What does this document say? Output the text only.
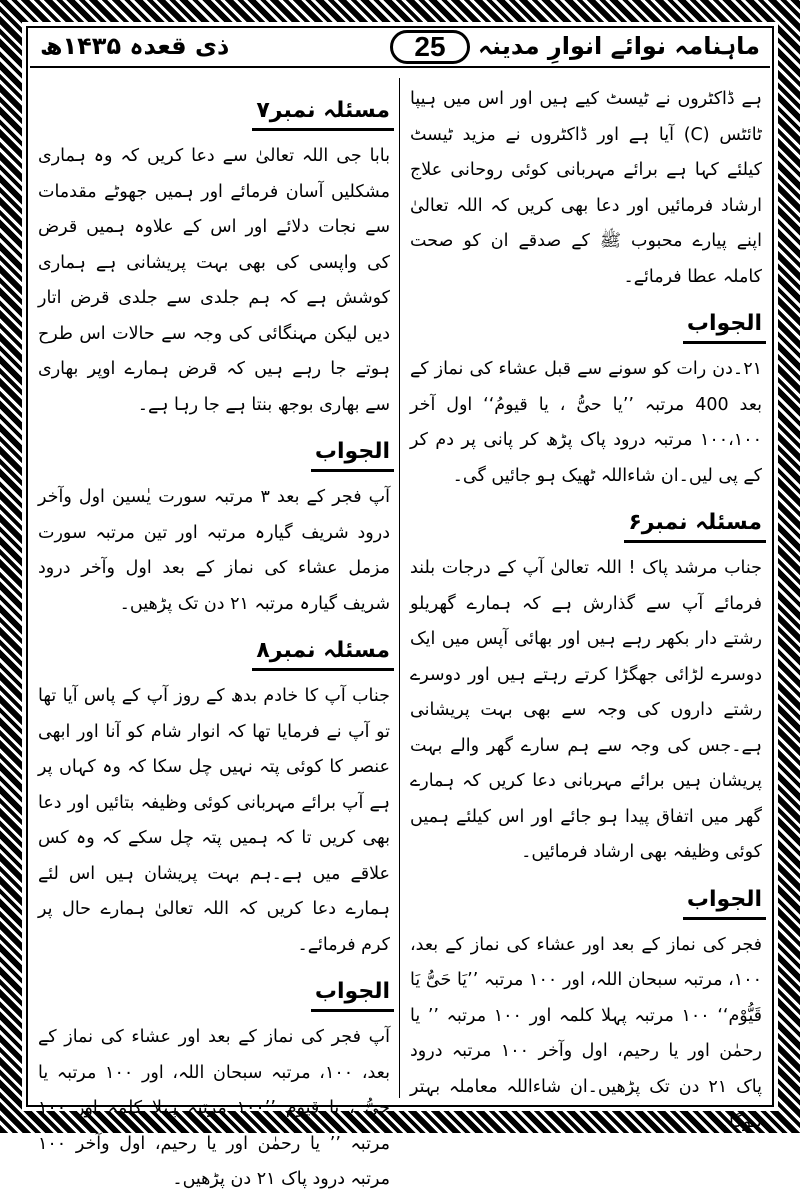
ماہنامہ نوائے انوارِ مدینہ
25
ذی قعدہ ۱۴۳۵ھ

ہے ڈاکٹروں نے ٹیسٹ کیے ہیں اور اس میں ہیپا ٹائٹس (C) آیا ہے اور ڈاکٹروں نے مزید ٹیسٹ کیلئے کہا ہے برائے مہربانی کوئی روحانی علاج ارشاد فرمائیں اور دعا بھی کریں کہ اللہ تعالیٰ اپنے پیارے محبوب ﷺ کے صدقے ان کو صحت کاملہ عطا فرمائے۔

الجواب

۲۱۔دن رات کو سونے سے قبل عشاء کی نماز کے بعد 400 مرتبہ ’’یا حیُّ ، یا قیومُ‘‘ اول آخر ۱۰۰،۱۰۰ مرتبہ درود پاک پڑھ کر پانی پر دم کر کے پی لیں۔ان شاءاللہ ٹھیک ہو جائیں گی۔

مسئلہ نمبر۶

جناب مرشد پاک ! اللہ تعالیٰ آپ کے درجات بلند فرمائے آپ سے گذارش ہے کہ ہمارے گھریلو رشتے دار بکھر رہے ہیں اور بھائی آپس میں ایک دوسرے لڑائی جھگڑا کرتے رہتے ہیں اور دوسرے رشتے داروں کی وجہ سے بھی بہت پریشانی ہے۔جس کی وجہ سے ہم سارے گھر والے بہت پریشان ہیں برائے مہربانی دعا کریں کہ ہمارے گھر میں اتفاق پیدا ہو جائے اور اس کیلئے ہمیں کوئی وظیفہ بھی ارشاد فرمائیں۔

الجواب

فجر کی نماز کے بعد اور عشاء کی نماز کے بعد، ۱۰۰، مرتبہ سبحان اللہ، اور ۱۰۰ مرتبہ ’’یَا حَیُّ یَا قَیُّوْم‘‘ ۱۰۰ مرتبہ پہلا کلمہ اور ۱۰۰ مرتبہ ’’ یا رحمٰن اور یا رحیم، اول وآخر ۱۰۰ مرتبہ درود پاک ۲۱ دن تک پڑھیں۔ان شاءاللہ معاملہ بہتر ہوگا۔

مسئلہ نمبر۷

بابا جی اللہ تعالیٰ سے دعا کریں کہ وہ ہماری مشکلیں آسان فرمائے اور ہمیں جھوٹے مقدمات سے نجات دلائے اور اس کے علاوہ ہمیں قرض کی واپسی کی بھی بہت پریشانی ہے ہماری کوشش ہے کہ ہم جلدی سے جلدی قرض اتار دیں لیکن مہنگائی کی وجہ سے حالات اس طرح ہوتے جا رہے ہیں کہ قرض ہمارے اوپر بھاری سے بھاری بوجھ بنتا ہے جا رہا ہے۔

الجواب

آپ فجر کے بعد ۳ مرتبہ سورت یٰسین اول وآخر درود شریف گیارہ مرتبہ اور تین مرتبہ سورت مزمل عشاء کی نماز کے بعد اول وآخر درود شریف گیارہ مرتبہ ۲۱ دن تک پڑھیں۔

مسئلہ نمبر۸

جناب آپ کا خادم بدھ کے روز آپ کے پاس آیا تھا تو آپ نے فرمایا تھا کہ انوار شام کو آنا اور ابھی عنصر کا کوئی پتہ نہیں چل سکا کہ وہ کہاں پر ہے آپ برائے مہربانی کوئی وظیفہ بتائیں اور دعا بھی کریں تا کہ ہمیں پتہ چل سکے کہ وہ کس علاقے میں ہے۔ہم بہت پریشان ہیں اس لئے ہمارے دعا کریں کہ اللہ تعالیٰ ہمارے حال پر کرم فرمائے۔

الجواب

آپ فجر کی نماز کے بعد اور عشاء کی نماز کے بعد، ۱۰۰، مرتبہ سبحان اللہ، اور ۱۰۰ مرتبہ یا حیُّ ، یا قیوم ’’۱۰۰ مرتبہ پہلا کلمہ اور ۱۰۰ مرتبہ ’’ یا رحمٰن اور یا رحیم، اول وآخر ۱۰۰ مرتبہ درود پاک ۲۱ دن پڑھیں۔
